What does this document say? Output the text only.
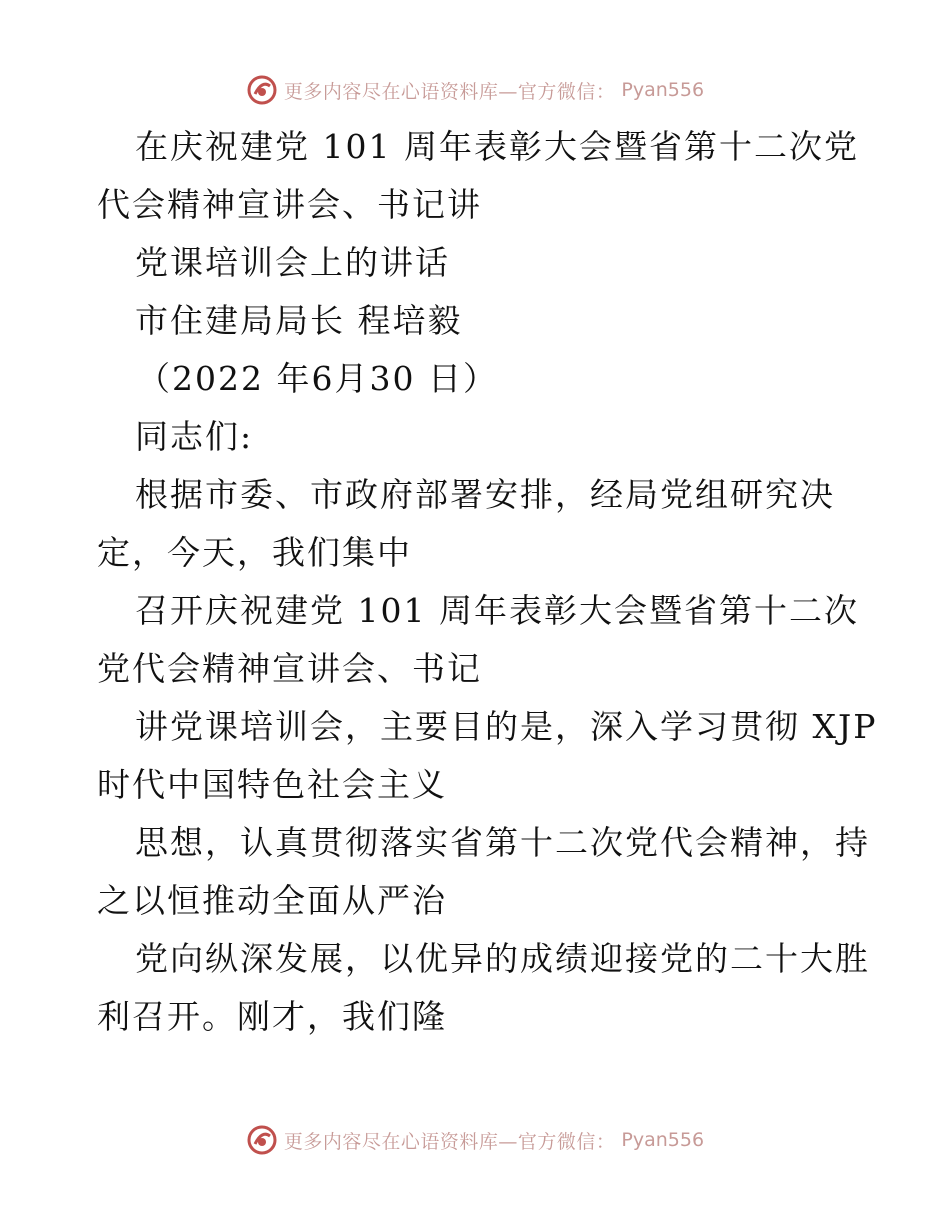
更多内容尽在心语资料库—官方微信： Pyan556
在庆祝建党 101 周年表彰大会暨省第十二次党
代会精神宣讲会、书记讲
党课培训会上的讲话
市住建局局长 程培毅
（2022 年6月30 日）
同志们:
根据市委、市政府部署安排，经局党组研究决
定，今天，我们集中
召开庆祝建党 101 周年表彰大会暨省第十二次
党代会精神宣讲会、书记
讲党课培训会，主要目的是，深入学习贯彻 XJP
时代中国特色社会主义
思想，认真贯彻落实省第十二次党代会精神，持
之以恒推动全面从严治
党向纵深发展，以优异的成绩迎接党的二十大胜
利召开。刚才，我们隆
更多内容尽在心语资料库—官方微信： Pyan556
